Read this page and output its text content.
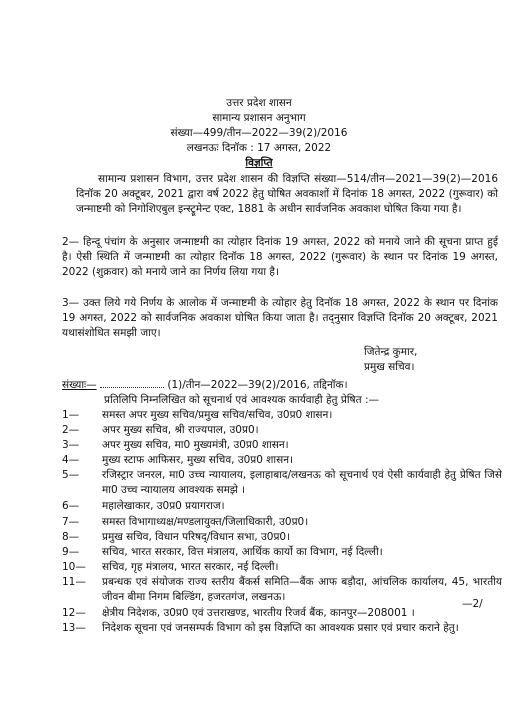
उत्तर प्रदेश शासन
सामान्य प्रशासन अनुभाग
संख्या—499/तीन—2022—39(2)/2016
लखनऊः दिनॉक : 17 अगस्त, 2022
विज्ञप्ति
सामान्य प्रशासन विभाग, उत्तर प्रदेश शासन की विज्ञप्ति संख्या—514/तीन—2021—39(2)—2016 दिनॉक 20 अक्टूबर, 2021 द्वारा वर्ष 2022 हेतु घोषित अवकाशों में दिनांक 18 अगस्त, 2022 (गुरूवार) को जन्माष्टमी को निगोशिएबुल इन्स्ट्रूमेन्ट एक्ट, 1881 के अधीन सार्वजनिक अवकाश घोषित किया गया है।
2— हिन्दू पंचांग के अनुसार जन्माष्टमी का त्योहार दिनांक 19 अगस्त, 2022 को मनाये जाने की सूचना प्राप्त हुई है। ऐसी स्थिति में जन्माष्टमी का त्योहार दिनॉक 18 अगस्त, 2022 (गुरूवार) के स्थान पर दिनांक 19 अगस्त, 2022 (शुक्रवार) को मनाये जाने का निर्णय लिया गया है।
3— उक्त लिये गये निर्णय के आलोक में जन्माष्टमी के त्योहार हेतु दिनॉक 18 अगस्त, 2022 के स्थान पर दिनांक 19 अगस्त, 2022 को सार्वजनिक अवकाश घोषित किया जाता है। तद्नुसार विज्ञप्ति दिनॉक 20 अक्टूबर, 2021 यथासंशोधित समझी जाए।
जितेन्द्र कुमार,
प्रमुख सचिव।
संख्याः—	(1)/तीन—2022—39(2)/2016, तद्दिनॉक।
प्रतिलिपि निम्नलिखित को सूचनार्थ एवं आवश्यक कार्यवाही हेतु प्रेषित :—
1—	समस्त अपर मुख्य सचिव/प्रमुख सचिव/सचिव, उ0प्र0 शासन।
2—	अपर मुख्य सचिव, श्री राज्यपाल, उ0प्र0।
3—	अपर मुख्य सचिव, मा0 मुख्यमंत्री, उ0प्र0 शासन।
4—	मुख्य स्टाफ आफिसर, मुख्य सचिव, उ0प्र0 शासन।
5—	रजिस्ट्रार जनरल, मा0 उच्च न्यायालय, इलाहाबाद/लखनऊ को सूचनार्थ एवं ऐसी कार्यवाही हेतु प्रेषित जिसे मा0 उच्च न्यायालय आवश्यक समझे ।
6—	महालेखाकार, उ0प्र0 प्रयागराज।
7—	समस्त विभागाध्यक्ष/मण्डलायुक्त/जिलाधिकारी, उ0प्र0।
8—	प्रमुख सचिव, विधान परिषद्/विधान सभा, उ0प्र0।
9—	सचिव, भारत सरकार, वित्त मंत्रालय, आर्थिक कार्यो का विभाग, नई दिल्ली।
10—	सचिव, गृह मंत्रालय, भारत सरकार, नई दिल्ली।
11—	प्रबन्धक एवं संयोजक राज्य स्तरीय बैंकर्स समिति—बैंक आफ बड़ौदा, आंचलिक कार्यालय, 45, भारतीय जीवन बीमा निगम बिल्डिंग, हजरतगंज, लखनऊ।
12—	क्षेत्रीय निदेशक, उ0प्र0 एवं उत्तराखण्ड, भारतीय रिजर्व बैंक, कानपुर—208001 ।
13—	निदेशक सूचना एवं जनसम्पर्क विभाग को इस विज्ञप्ति का आवश्यक प्रसार एवं प्रचार कराने हेतु।
—2/
